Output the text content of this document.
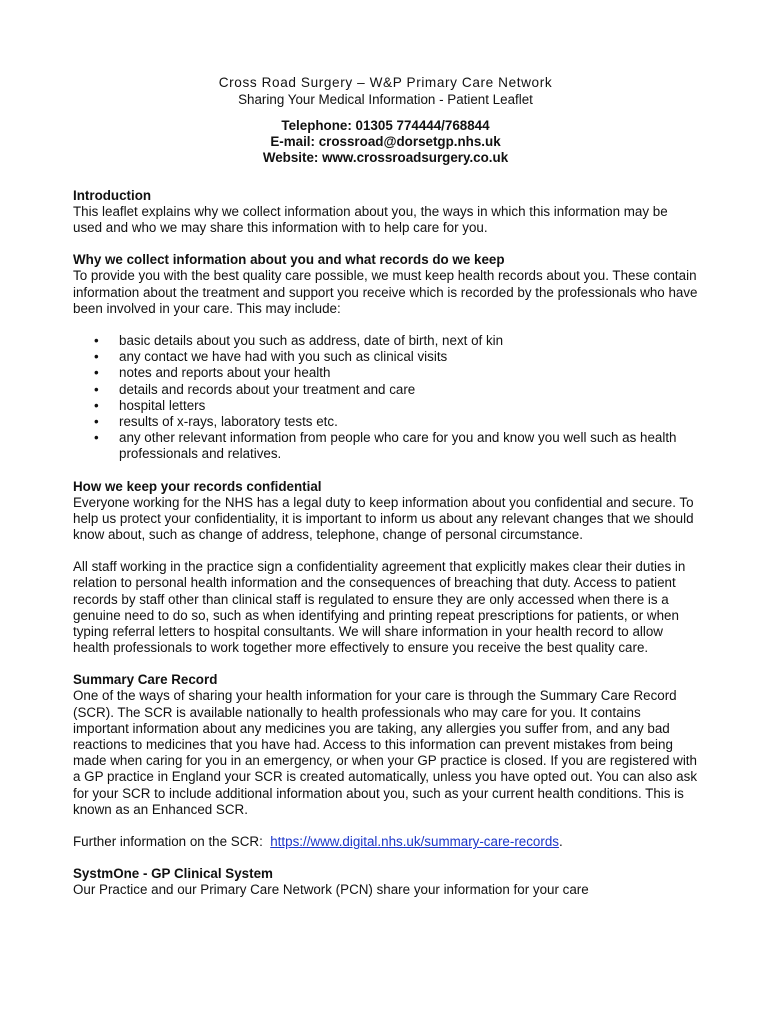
Cross Road Surgery – W&P Primary Care Network
Sharing Your Medical Information - Patient Leaflet
Telephone: 01305 774444/768844
E-mail: crossroad@dorsetgp.nhs.uk
Website: www.crossroadsurgery.co.uk
Introduction

This leaflet explains why we collect information about you, the ways in which this information may be used and who we may share this information with to help care for you.

Why we collect information about you and what records do we keep

To provide you with the best quality care possible, we must keep health records about you. These contain information about the treatment and support you receive which is recorded by the professionals who have been involved in your care. This may include:

• basic details about you such as address, date of birth, next of kin
• any contact we have had with you such as clinical visits
• notes and reports about your health
• details and records about your treatment and care
• hospital letters
• results of x-rays, laboratory tests etc.
• any other relevant information from people who care for you and know you well such as health professionals and relatives.
How we keep your records confidential

Everyone working for the NHS has a legal duty to keep information about you confidential and secure. To help us protect your confidentiality, it is important to inform us about any relevant changes that we should know about, such as change of address, telephone, change of personal circumstance.

All staff working in the practice sign a confidentiality agreement that explicitly makes clear their duties in relation to personal health information and the consequences of breaching that duty. Access to patient records by staff other than clinical staff is regulated to ensure they are only accessed when there is a genuine need to do so, such as when identifying and printing repeat prescriptions for patients, or when typing referral letters to hospital consultants. We will share information in your health record to allow health professionals to work together more effectively to ensure you receive the best quality care.

Summary Care Record

One of the ways of sharing your health information for your care is through the Summary Care Record (SCR). The SCR is available nationally to health professionals who may care for you. It contains important information about any medicines you are taking, any allergies you suffer from, and any bad reactions to medicines that you have had. Access to this information can prevent mistakes from being made when caring for you in an emergency, or when your GP practice is closed. If you are registered with a GP practice in England your SCR is created automatically, unless you have opted out. You can also ask for your SCR to include additional information about you, such as your current health conditions. This is known as an Enhanced SCR.

Further information on the SCR:  https://www.digital.nhs.uk/summary-care-records.

SystmOne - GP Clinical System

Our Practice and our Primary Care Network (PCN) share your information for your care
